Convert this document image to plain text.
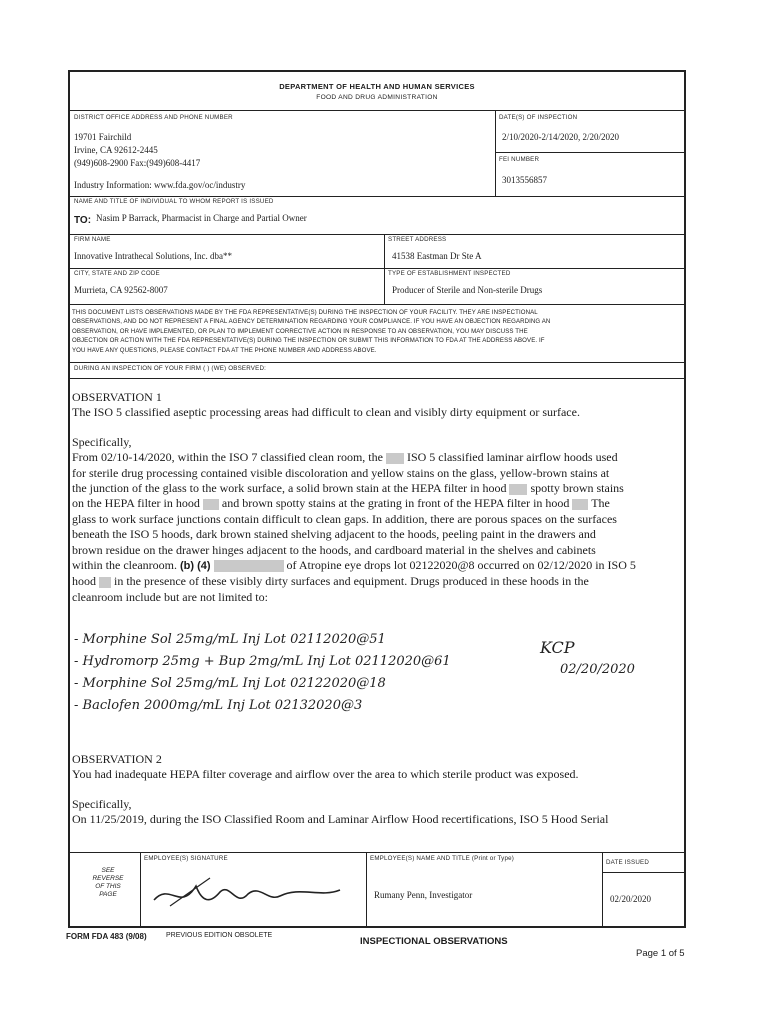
DEPARTMENT OF HEALTH AND HUMAN SERVICES
FOOD AND DRUG ADMINISTRATION
DISTRICT OFFICE ADDRESS AND PHONE NUMBER
19701 Fairchild
Irvine, CA 92612-2445
(949)608-2900 Fax:(949)608-4417
Industry Information: www.fda.gov/oc/industry
DATE(S) OF INSPECTION
2/10/2020-2/14/2020, 2/20/2020
FEI NUMBER
3013556857
NAME AND TITLE OF INDIVIDUAL TO WHOM REPORT IS ISSUED
TO: Nasim P Barrack, Pharmacist in Charge and Partial Owner
FIRM NAME
Innovative Intrathecal Solutions, Inc. dba**
STREET ADDRESS
41538 Eastman Dr Ste A
CITY, STATE AND ZIP CODE
Murrieta, CA 92562-8007
TYPE OF ESTABLISHMENT INSPECTED
Producer of Sterile and Non-sterile Drugs
THIS DOCUMENT LISTS OBSERVATIONS MADE BY THE FDA REPRESENTATIVE(S) DURING THE INSPECTION OF YOUR FACILITY. THEY ARE INSPECTIONAL
OBSERVATIONS, AND DO NOT REPRESENT A FINAL AGENCY DETERMINATION REGARDING YOUR COMPLIANCE. IF YOU HAVE AN OBJECTION REGARDING AN
OBSERVATION, OR HAVE IMPLEMENTED, OR PLAN TO IMPLEMENT CORRECTIVE ACTION IN RESPONSE TO AN OBSERVATION, YOU MAY DISCUSS THE
OBJECTION OR ACTION WITH THE FDA REPRESENTATIVE(S) DURING THE INSPECTION OR SUBMIT THIS INFORMATION TO FDA AT THE ADDRESS ABOVE. IF
YOU HAVE ANY QUESTIONS, PLEASE CONTACT FDA AT THE PHONE NUMBER AND ADDRESS ABOVE.
DURING AN INSPECTION OF YOUR FIRM ( ) (WE) OBSERVED:
OBSERVATION 1
The ISO 5 classified aseptic processing areas had difficult to clean and visibly dirty equipment or surface.
Specifically,
From 02/10-14/2020, within the ISO 7 classified clean room, the ISO 5 classified laminar airflow hoods used
for sterile drug processing contained visible discoloration and yellow stains on the glass, yellow-brown stains at
the junction of the glass to the work surface, a solid brown stain at the HEPA filter in hood spotty brown stains
on the HEPA filter in hood and brown spotty stains at the grating in front of the HEPA filter in hood The
glass to work surface junctions contain difficult to clean gaps. In addition, there are porous spaces on the surfaces
beneath the ISO 5 hoods, dark brown stained shelving adjacent to the hoods, peeling paint in the drawers and
brown residue on the drawer hinges adjacent to the hoods, and cardboard material in the shelves and cabinets
within the cleanroom. (b) (4)	of Atropine eye drops lot 02122020@8 occurred on 02/12/2020 in ISO 5
hood in the presence of these visibly dirty surfaces and equipment. Drugs produced in these hoods in the
cleanroom include but are not limited to:
- Morphine Sol 25mg/mL Inj Lot 02112020@51
- Hydromorp 25mg + Bup 2mg/mL Inj Lot 02112020@61
- Morphine Sol 25mg/mL Inj Lot 02122020@18
- Baclofen 2000mg/mL Inj Lot 02132020@3
KCP
02/20/2020
OBSERVATION 2
You had inadequate HEPA filter coverage and airflow over the area to which sterile product was exposed.
Specifically,
On 11/25/2019, during the ISO Classified Room and Laminar Airflow Hood recertifications, ISO 5 Hood Serial
SEE
REVERSE
OF THIS
PAGE
EMPLOYEE(S) SIGNATURE	EMPLOYEE(S) NAME AND TITLE (Print or Type)
Rumany Penn, Investigator
DATE ISSUED
02/20/2020
FORM FDA 483 (9/08)	PREVIOUS EDITION OBSOLETE
INSPECTIONAL OBSERVATIONS
Page 1 of 5
